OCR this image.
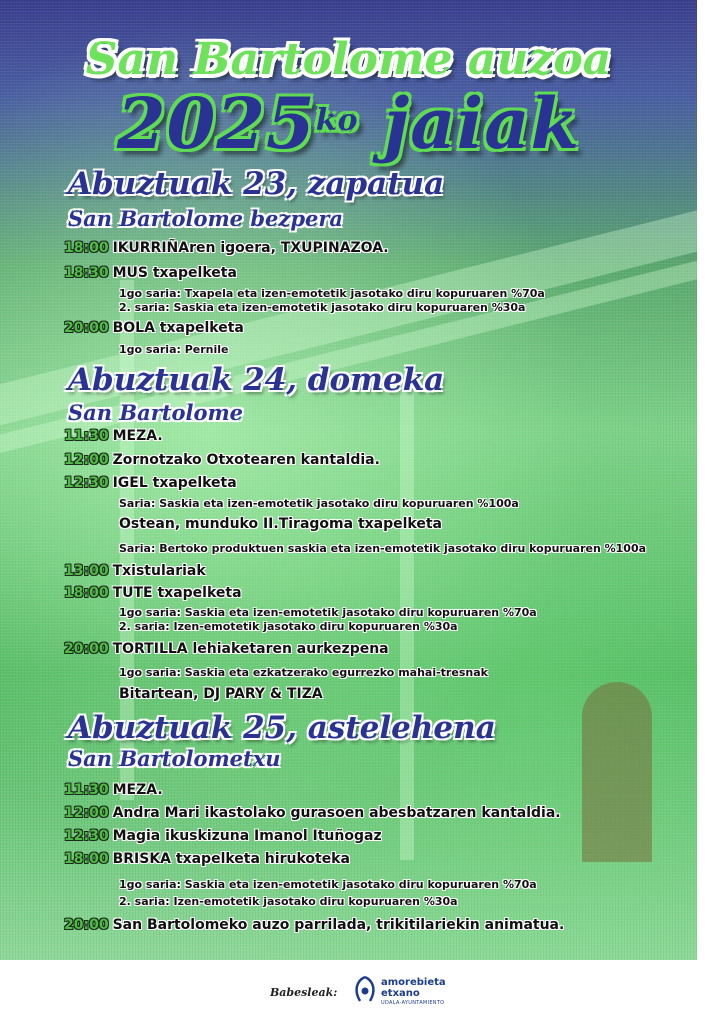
San Bartolome auzoa
$2025^{ko}$ jaiak
Abuztuak 23, zapatua
San Bartolome bezpera
18:00 IKURRIÑAren igoera, TXUPINAZOA.
18:30 MUS txapelketa
1go saria: Txapela eta izen-emotetik jasotako diru kopuruaren %70a
2. saria: Saskia eta izen-emotetik jasotako diru kopuruaren %30a
20:00 BOLA txapelketa
1go saria: Pernile
Abuztuak 24, domeka
San Bartolome
11:30 MEZA.
12:00 Zornotzako Otxotearen kantaldia.
12:30 IGEL txapelketa
Saria: Saskia eta izen-emotetik jasotako diru kopuruaren %100a
Ostean, munduko II.Tiragoma txapelketa
Saria: Bertoko produktuen saskia eta izen-emotetik jasotako diru kopuruaren %100a
13:00 Txistulariak
18:00 TUTE txapelketa
1go saria: Saskia eta izen-emotetik jasotako diru kopuruaren %70a
2. saria: Izen-emotetik jasotako diru kopuruaren %30a
20:00 TORTILLA lehiaketaren aurkezpena
1go saria: Saskia eta ezkatzerako egurrezko mahai-tresnak
Bitartean, DJ PARY & TIZA
Abuztuak 25, astelehena
San Bartolometxu
11:30 MEZA.
12:00 Andra Mari ikastolako gurasoen abesbatzaren kantaldia.
12:30 Magia ikuskizuna Imanol Ituñogaz
18:00 BRISKA txapelketa hirukoteka
1go saria: Saskia eta izen-emotetik jasotako diru kopuruaren %70a
2. saria: Izen-emotetik jasotako diru kopuruaren %30a
20:00 San Bartolomeko auzo parrilada, trikitilariekin animatua.
Babesleak:
amorebieta
etxano
UDALA·AYUNTAMIENTO
